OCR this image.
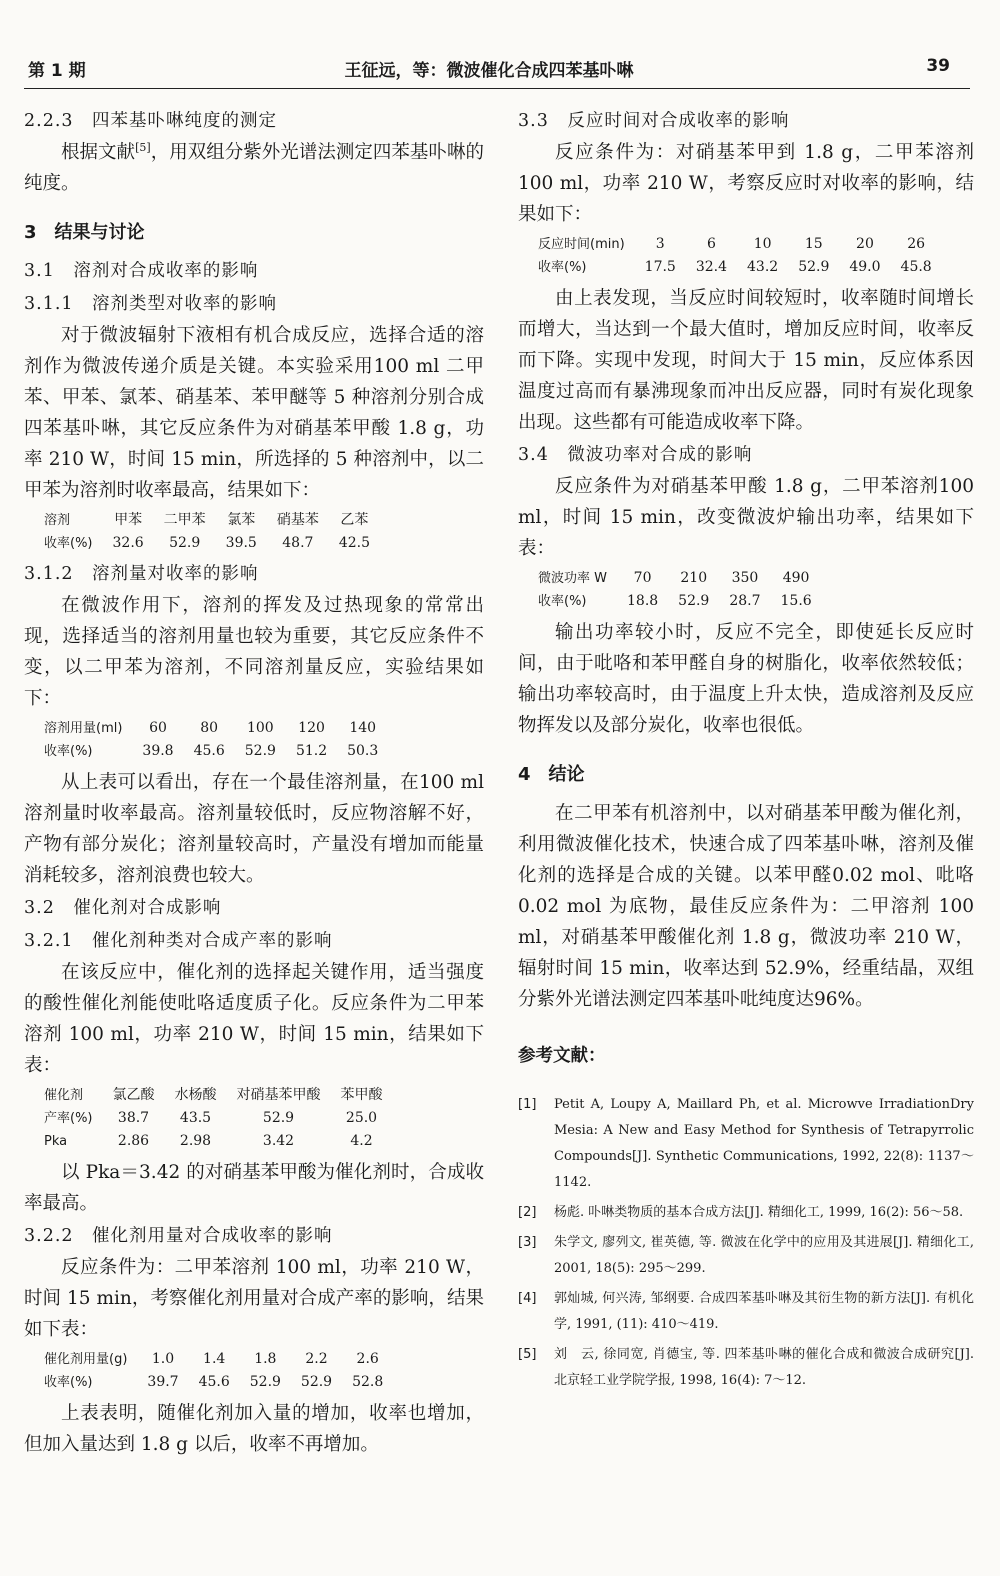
第 1 期	王征远，等：微波催化合成四苯基卟啉	39
2.2.3　四苯基卟啉纯度的测定

根据文献[5]，用双组分紫外光谱法测定四苯基卟啉的纯度。

3　结果与讨论
3.1　溶剂对合成收率的影响
3.1.1　溶剂类型对收率的影响

对于微波辐射下液相有机合成反应，选择合适的溶剂作为微波传递介质是关键。本实验采用100 ml 二甲苯、甲苯、氯苯、硝基苯、苯甲醚等 5 种溶剂分别合成四苯基卟啉，其它反应条件为对硝基苯甲酸 1.8 g，功率 210 W，时间 15 min，所选择的 5 种溶剂中，以二甲苯为溶剂时收率最高，结果如下：

溶剂	甲苯	二甲苯	氯苯	硝基苯	乙苯
收率(%)	32.6	52.9	39.5	48.7	42.5
3.1.2　溶剂量对收率的影响

在微波作用下，溶剂的挥发及过热现象的常常出现，选择适当的溶剂用量也较为重要，其它反应条件不变，以二甲苯为溶剂，不同溶剂量反应，实验结果如下：

溶剂用量(ml)	60	80	100	120	140
收率(%)	39.8	45.6	52.9	51.2	50.3

从上表可以看出，存在一个最佳溶剂量，在100 ml 溶剂量时收率最高。溶剂量较低时，反应物溶解不好，产物有部分炭化；溶剂量较高时，产量没有增加而能量消耗较多，溶剂浪费也较大。

3.2　催化剂对合成影响
3.2.1　催化剂种类对合成产率的影响

在该反应中，催化剂的选择起关键作用，适当强度的酸性催化剂能使吡咯适度质子化。反应条件为二甲苯溶剂 100 ml，功率 210 W，时间 15 min，结果如下表：

催化剂	氯乙酸	水杨酸	对硝基苯甲酸	苯甲酸
产率(%)	38.7	43.5	52.9	25.0
Pka	2.86	2.98	3.42	4.2

以 Pka＝3.42 的对硝基苯甲酸为催化剂时，合成收率最高。

3.2.2　催化剂用量对合成收率的影响

反应条件为：二甲苯溶剂 100 ml，功率 210 W，时间 15 min，考察催化剂用量对合成产率的影响，结果如下表：

催化剂用量(g)	1.0	1.4	1.8	2.2	2.6
收率(%)	39.7	45.6	52.9	52.9	52.8

上表表明，随催化剂加入量的增加，收率也增加，但加入量达到 1.8 g 以后，收率不再增加。

3.3　反应时间对合成收率的影响

反应条件为：对硝基苯甲到 1.8 g，二甲苯溶剂100 ml，功率 210 W，考察反应时对收率的影响，结果如下：

反应时间(min)	3	6	10	15	20	26
收率(%)	17.5	32.4	43.2	52.9	49.0	45.8

由上表发现，当反应时间较短时，收率随时间增长而增大，当达到一个最大值时，增加反应时间，收率反而下降。实现中发现，时间大于 15 min，反应体系因温度过高而有暴沸现象而冲出反应器，同时有炭化现象出现。这些都有可能造成收率下降。

3.4　微波功率对合成的影响

反应条件为对硝基苯甲酸 1.8 g，二甲苯溶剂100 ml，时间 15 min，改变微波炉输出功率，结果如下表：

微波功率 W	70	210	350	490
收率(%)	18.8	52.9	28.7	15.6

输出功率较小时，反应不完全，即使延长反应时间，由于吡咯和苯甲醛自身的树脂化，收率依然较低；输出功率较高时，由于温度上升太快，造成溶剂及反应物挥发以及部分炭化，收率也很低。

4　结论

在二甲苯有机溶剂中，以对硝基苯甲酸为催化剂，利用微波催化技术，快速合成了四苯基卟啉，溶剂及催化剂的选择是合成的关键。以苯甲醛0.02 mol、吡咯 0.02 mol 为底物，最佳反应条件为：二甲溶剂 100 ml，对硝基苯甲酸催化剂 1.8 g，微波功率 210 W，辐射时间 15 min，收率达到 52.9%，经重结晶，双组分紫外光谱法测定四苯基卟吡纯度达96%。

参考文献：
[1]	Petit A, Loupy A, Maillard Ph, et al. Microwve IrradiationDry Mesia: A New and Easy Method for Synthesis of Tetrapyrrolic Compounds[J]. Synthetic Communications, 1992, 22(8): 1137～1142.
[2]	杨彪. 卟啉类物质的基本合成方法[J]. 精细化工, 1999, 16(2): 56～58.
[3]	朱学文, 廖列文, 崔英德, 等. 微波在化学中的应用及其进展[J]. 精细化工, 2001, 18(5): 295～299.
[4]	郭灿城, 何兴涛, 邹纲要. 合成四苯基卟啉及其衍生物的新方法[J]. 有机化学, 1991, (11): 410～419.
[5]	刘　云, 徐同宽, 肖德宝, 等. 四苯基卟啉的催化合成和微波合成研究[J]. 北京轻工业学院学报, 1998, 16(4): 7～12.
